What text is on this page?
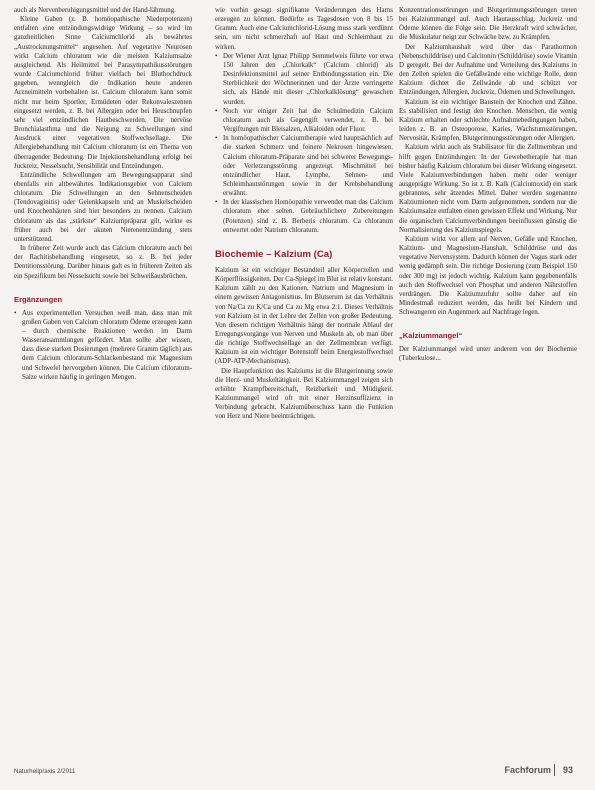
auch als Nervenberuhigungsmittel und der Hand-lähmung.

Kleine Gaben (z. B. homöopathische Niederpotenzen) entfalten eine entzündungswidrige Wirkung – so wird im ganzheitlichen Sinne Calciumchlorid als bewährtes „Austrocknungsmittel“ angesehen. Auf vegetative Neurosen wirkt Calcium chloratum wie die meisten Kalziumsalze ausgleichend. Als Heilmittel bei Parasympathikusstörungen wurde Calciumchlorid früher vielfach bei Bluthochdruck gegeben, wenngleich die Indikation heute anderen Arzneimitteln vorbehalten ist. Calcium chloratum kann somit nicht nur beim Sportler, Ermüdeten oder Rekonvaleszenten eingesetzt werden, z. B. bei Allergien oder bei Heuschnupfen sehr viel entzündlichen Hautbeschwerden. Die nervöse Bronchialasthma und die Neigung zu Schwellungen sind Ausdruck einer vegetativen Stoffwechsellage. Die Allergiebehandlung mit Calcium chloratum ist ein Thema von überragender Bedeutung. Die Injektionsbehandlung erfolgt bei Juckreiz, Nesselsucht, Sensibilität und Entzündungen.

Entzündliche Schwellungen am Bewegungsapparat sind ebenfalls ein altbewährtes Indikationsgebiet von Calcium chloratum. Die Schwellungen an den Sehnenscheiden (Tendovaginitis) oder Gelenkkapseln und an Muskelscheiden und Knochenhäuten sind hier besonders zu nennen. Calcium chloratum als das „stärkste“ Kalziumpräparat gilt, wirkte es früher auch bei der akuten Nierenentzündung stets unterstützend.

In früherer Zeit wurde auch das Calcium chloratum auch bei der Rachitisbehandlung eingesetzt, so z. B. bei jeder Dentitionsstörung. Darüber hinaus galt es in früheren Zeiten als ein Spezifikum bei Nesselsucht sowie bei Schweißausbrüchen.

Ergänzungen
• Aus experimentellen Versuchen weiß man, dass man mit großen Gaben von Calcium chloratum Ödeme erzeugen kann – durch chemische Reaktionen werden im Darm Wasseransammlungen gefördert. Man sollte aber wissen, dass diese starken Dosierungen (mehrere Gramm täglich) aus dem Calcium chloratum-Schlackenbestand mit Magnesium und Schwefel hervorgehen können. Die Calcium chloratum-Salze wirken häufig in geringen Mengen.

wie vorhin gesagt signifikante Veränderungen des Harns erzeugen zu können. Bedürfte es Tagesdosen von 8 bis 15 Gramm. Auch eine Calciumchlorid-Lösung muss stark verdünnt sein, um nicht schmerzhaft auf Haut und Schleimhaut zu wirken.

• Der Wiener Arzt Ignaz Philipp Semmelweis führte vor etwa 150 Jahren den „Chlorkalk“ (Calcium chlorid) als Desinfektionsmittel auf seiner Entbindungsstation ein. Die Sterblichkeit der Wöchnerinnen und der Ärzte verringerte sich, als Hände mit dieser „Chlorkalklösung“ gewaschen wurden.
• Noch vor einiger Zeit hat die Schulmedizin Calcium chloratum auch als Gegengift verwendet, z. B. bei Vergiftungen mit Bleisalzen, Alkaloiden oder Fluor.
• In homöopathischer Calciumtherapie wird hauptsächlich auf die starken Schmerz und feinere Nekrosen hingewiesen. Calcium chloratum-Präparate sind bei schwerer Bewegungs- oder Verletzungsstörung angezeigt. Mischmittel bei entzündlicher Haut, Lymphe, Sehnen- und Schleimhautstörungen sowie in der Krebsbehandlung erwähnt.
• In der klassischen Homöopathie verwendet man das Calcium chloratum eher selten. Gebräuchlichere Zubereitungen (Potenzen) sind z. B. Berberis chloratum. Ca chloratum entwertet oder Natrium chloratum.
Biochemie – Kalzium (Ca)

Kalzium ist ein wichtiger Bestandteil aller Körperzellen und Körperflüssigkeiten. Der Ca-Spiegel im Blut ist relativ konstant. Kalzium zählt zu den Kationen, Natrium und Magnesium in einem gewissen Antagonismus. Im Blutserum ist das Verhältnis von Na/Ca zu K/Ca und Ca zu Mg etwa 2:1. Dieses Verhältnis von Kalzium ist in der Lehre der Zellen von großer Bedeutung. Von diesem richtigen Verhältnis hängt der normale Ablauf der Erregungsvorgänge von Nerven und Muskeln ab, ob man über die richtige Stoffwechsellage an der Zellmembran verfügt. Kalzium ist ein wichtiger Botenstoff beim Energiestoffwechsel (ADP-ATP-Mechanismus).

Die Hauptfunktion des Kalziums ist die Blutgerinnung sowie die Herz- und Muskeltätigkeit. Bei Kalziummangel zeigen sich erhöhte Krampfbereitschaft, Reizbarkeit und Müdigkeit. Kalziummangel wird oft mit einer Herzinsuffizienz in Verbindung gebracht, Kalziumüberschuss kann die Funktion von Herz und Niere beeinträchtigen.

Konzentrationsstörungen und Blutgerinnungsstörungen treten bei Kalziummangel auf. Auch Hautausschlag, Juckreiz und Ödeme können die Folge sein. Die Herzkraft wird schwächer, die Muskulatur neigt zur Schwäche bzw. zu Krämpfen.

Der Kalziumhaushalt wird über das Parathormon (Nebenschilddrüse) und Calcitonin (Schilddrüse) sowie Vitamin D geregelt. Bei der Aufnahme und Verteilung des Kalziums in den Zellen spielen die Gefäßwände eine wichtige Rolle, denn Kalzium dichtet die Zellwände ab und schützt vor Entzündungen, Allergien, Juckreiz, Ödemen und Schwellungen.

Kalzium ist ein wichtiger Baustein der Knochen und Zähne. Es stabilisiert und festigt den Knochen. Menschen, die wenig Kalzium erhalten oder schlechte Aufnahmebedingungen haben, leiden z. B. an Osteoporose, Karies, Wachstumsstörungen, Nervosität, Krämpfen, Blutgerinnungsstörungen oder Allergien.

Kalzium wirkt auch als Stabilisator für die Zellmembran und hilft gegen Entzündungen. In der Gewebetherapie hat man bisher häufig Kalzium chloratum bei dieser Wirkung eingesetzt. Viele Kalziumverbindungen haben mehr oder weniger ausgeprägte Wirkung. So ist z. B. Kalk (Calciumoxid) ein stark gebranntes, sehr ätzendes Mittel. Daher werden sogenannte Kalziumionen nicht vom Darm aufgenommen, sondern nur die Kalziumsalze entfalten einen gewissen Effekt und Wirkung. Nur die organischen Calciumverbindungen beeinflussen günstig die Normalisierung des Kalziumspiegels.

Kalzium wirkt vor allem auf Nerven, Gefäße und Knochen, Kalzium- und Magnesium-Haushalt, Schilddrüse und das vegetative Nervensystem. Dadurch können der Vagus stark oder wenig gedämpft sein. Die richtige Dosierung (zum Beispiel 150 oder 300 mg) ist jedoch wichtig. Kalzium kann gegebenenfalls auch den Stoffwechsel von Phosphat und anderen Nährstoffen verdrängen. Die Kalziumzufuhr sollte daher auf ein Mindestmaß reduziert werden, das heißt bei Kindern und Schwangeren ein Augenmerk auf Nachfrage legen.

„Kalziummangel“

Der Kalziummangel wird unter anderem von der Biochemie (Tuberkulose...

Naturheilpraxis 2/2011	Fachforum 93
